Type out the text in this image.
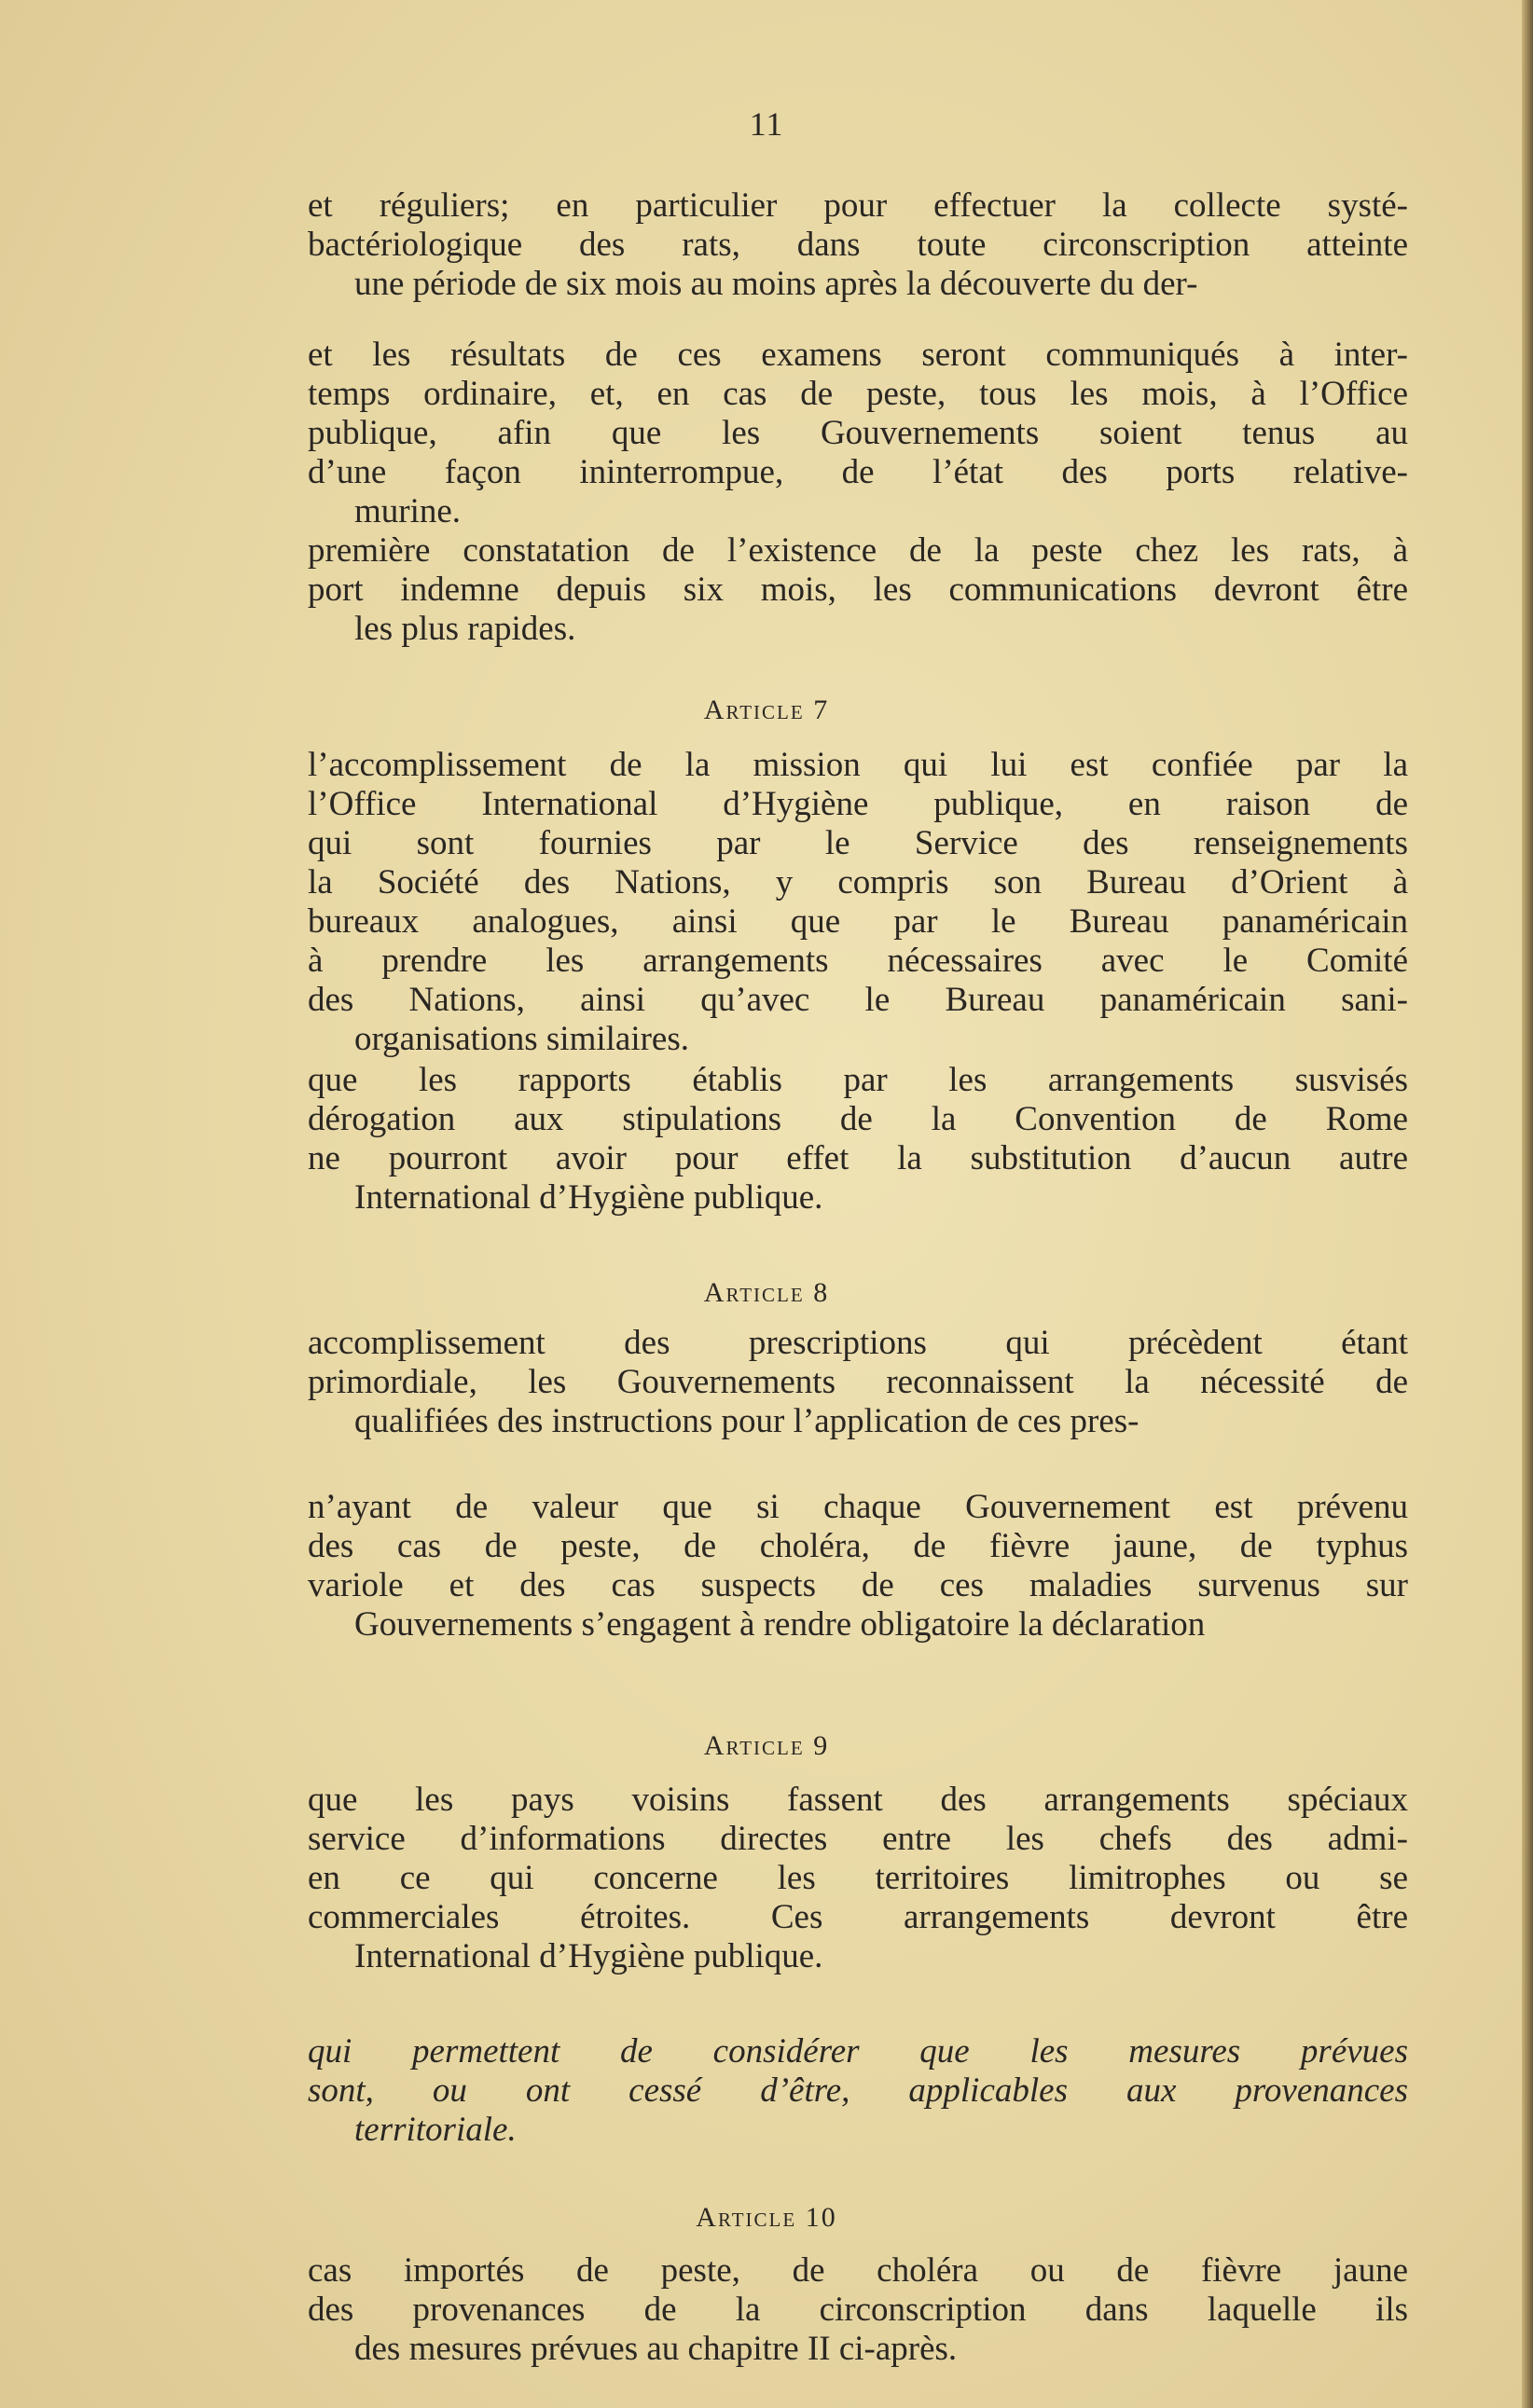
11
et réguliers; en particulier pour effectuer la collecte systé-
bactériologique des rats, dans toute circonscription atteinte
une période de six mois au moins après la découverte du der-
et les résultats de ces examens seront communiqués à inter-
temps ordinaire, et, en cas de peste, tous les mois, à l’Office
publique, afin que les Gouvernements soient tenus au
d’une façon ininterrompue, de l’état des ports relative-
murine.
première constatation de l’existence de la peste chez les rats, à
port indemne depuis six mois, les communications devront être
les plus rapides.
Article 7
l’accomplissement de la mission qui lui est confiée par la
l’Office International d’Hygiène publique, en raison de
qui sont fournies par le Service des renseignements
la Société des Nations, y compris son Bureau d’Orient à
bureaux analogues, ainsi que par le Bureau panaméricain
à prendre les arrangements nécessaires avec le Comité
des Nations, ainsi qu’avec le Bureau panaméricain sani-
organisations similaires.
que les rapports établis par les arrangements susvisés
dérogation aux stipulations de la Convention de Rome
ne pourront avoir pour effet la substitution d’aucun autre
International d’Hygiène publique.
Article 8
accomplissement des prescriptions qui précèdent étant
primordiale, les Gouvernements reconnaissent la nécessité de
qualifiées des instructions pour l’application de ces pres-
n’ayant de valeur que si chaque Gouvernement est prévenu
des cas de peste, de choléra, de fièvre jaune, de typhus
variole et des cas suspects de ces maladies survenus sur
Gouvernements s’engagent à rendre obligatoire la déclaration
Article 9
que les pays voisins fassent des arrangements spéciaux
service d’informations directes entre les chefs des admi-
en ce qui concerne les territoires limitrophes ou se
commerciales étroites. Ces arrangements devront être
International d’Hygiène publique.
qui permettent de considérer que les mesures prévues
sont, ou ont cessé d’être, applicables aux provenances
territoriale.
Article 10
cas importés de peste, de choléra ou de fièvre jaune
des provenances de la circonscription dans laquelle ils
des mesures prévues au chapitre II ci-après.
